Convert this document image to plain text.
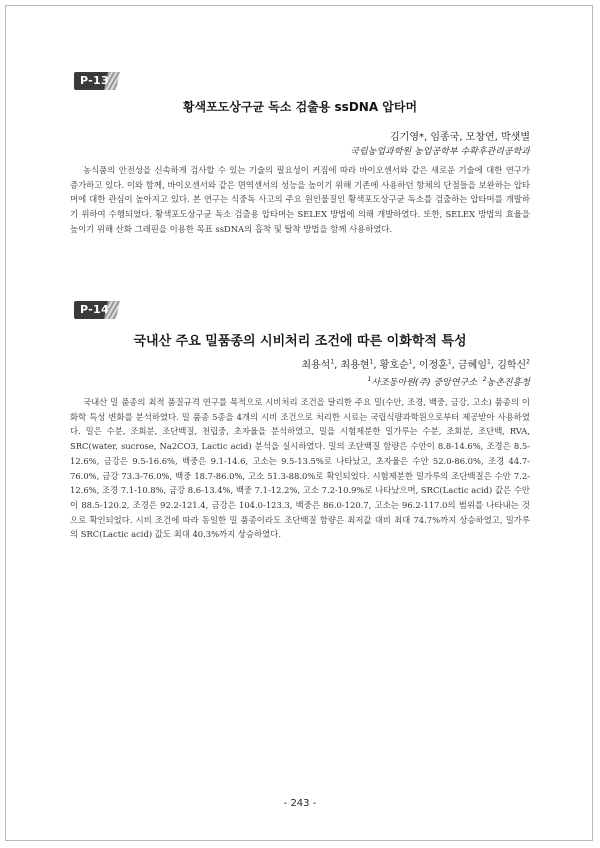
P-13
황색포도상구균 독소 검출용 ssDNA 압타머
김기영*, 임종국, 모창연, 박샛별
국립농업과학원 농업공학부 수확후관리공학과

농식품의 안전성을 신속하게 검사할 수 있는 기술의 필요성이 커짐에 따라 바이오센서와 같은 새로운 기술에 대한 연구가 증가하고 있다. 이와 함께, 바이오센서와 같은 면역센서의 성능을 높이기 위해 기존에 사용하던 항체의 단점들을 보완하는 압타머에 대한 관심이 높아지고 있다. 본 연구는 식중독 사고의 주요 원인물질인 황색포도상구균 독소를 검출하는 압타머를 개발하기 위하여 수행되었다. 황색포도상구균 독소 검출용 압타머는 SELEX 방법에 의해 개발하였다. 또한, SELEX 방법의 효율을 높이기 위해 산화 그래핀을 이용한 목표 ssDNA의 흡착 및 탈착 방법을 함께 사용하였다.

P-14
국내산 주요 밀품종의 시비처리 조건에 따른 이화학적 특성
최용석$^1$, 최용현$^1$, 황호순$^1$, 이정훈$^1$, 금혜임$^1$, 김학신$^2$
$^1$사조동아원(주) 중앙연구소 $^2$농촌진흥청

국내산 밀 품종의 최적 품질규격 연구를 목적으로 시비처리 조건을 달리한 주요 밀(수안, 조경, 백중, 금강, 고소) 품종의 이화학 특성 변화를 분석하였다. 밀 품종 5종을 4개의 시비 조건으로 처리한 시료는 국립식량과학원으로부터 제공받아 사용하였다. 밀은 수분, 조회분, 조단백질, 천립중, 초자율을 분석하였고, 밀을 시험제분한 밀가루는 수분, 조회분, 조단백, RVA, SRC(water, sucrose, Na2CO3, Lactic acid) 분석을 실시하였다. 밀의 조단백질 함량은 수안이 8.8-14.6%, 조경은 8.5-12.6%, 금강은 9.5-16.6%, 백중은 9.1-14.6, 고소는 9.5-13.5%로 나타났고, 초자율은 수안 52.0-86.0%, 조경 44.7-76.0%, 금강 73.3-76.0%, 백중 18.7-86.0%, 고소 51.3-88.0%로 확인되었다. 시험제분한 밀가루의 조단백질은 수안 7.2-12.6%, 조경 7.1-10.8%, 금강 8.6-13.4%, 백중 7.1-12.2%, 고소 7.2-10.9%로 나타났으며, SRC(Lactic acid) 값은 수안이 88.5-120.2, 조경은 92.2-121.4, 금강은 104.0-123.3, 백중은 86.0-120.7, 고소는 96.2-117.0의 범위를 나타내는 것으로 확인되었다. 시비 조건에 따라 동일한 밀 품종이라도 조단백질 함량은 최저값 대비 최대 74.7%까지 상승하였고, 밀가루의 SRC(Lactic acid) 값도 최대 40.3%까지 상승하였다.

- 243 -
